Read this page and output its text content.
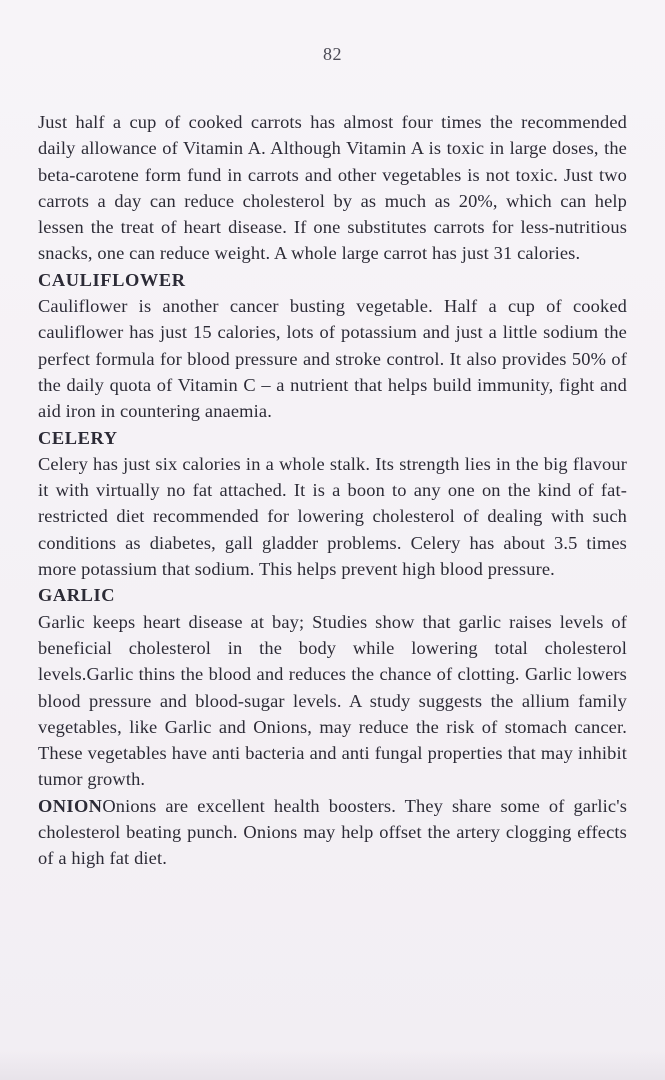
82

Just half a cup of cooked carrots has almost four times the recommended daily allowance of Vitamin A. Although Vitamin A is toxic in large doses, the beta-carotene form fund in carrots and other vegetables is not toxic. Just two carrots a day can reduce cholesterol by as much as 20%, which can help lessen the treat of heart disease. If one substitutes carrots for less-nutritious snacks, one can reduce weight. A whole large carrot has just 31 calories.

CAULIFLOWER

Cauliflower is another cancer busting vegetable. Half a cup of cooked cauliflower has just 15 calories, lots of potassium and just a little sodium the perfect formula for blood pressure and stroke control. It also provides 50% of the daily quota of Vitamin C – a nutrient that helps build immunity, fight and aid iron in countering anaemia.

CELERY

Celery has just six calories in a whole stalk. Its strength lies in the big flavour it with virtually no fat attached. It is a boon to any one on the kind of fat-restricted diet recommended for lowering cholesterol of dealing with such conditions as diabetes, gall gladder problems. Celery has about 3.5 times more potassium that sodium. This helps prevent high blood pressure.

GARLIC

Garlic keeps heart disease at bay; Studies show that garlic raises levels of beneficial cholesterol in the body while lowering total cholesterol levels.Garlic thins the blood and reduces the chance of clotting. Garlic lowers blood pressure and blood-sugar levels. A study suggests the allium family vegetables, like Garlic and Onions, may reduce the risk of stomach cancer. These vegetables have anti bacteria and anti fungal properties that may inhibit tumor growth.

ONIONOnions are excellent health boosters. They share some of garlic's cholesterol beating punch. Onions may help offset the artery clogging effects of a high fat diet.
